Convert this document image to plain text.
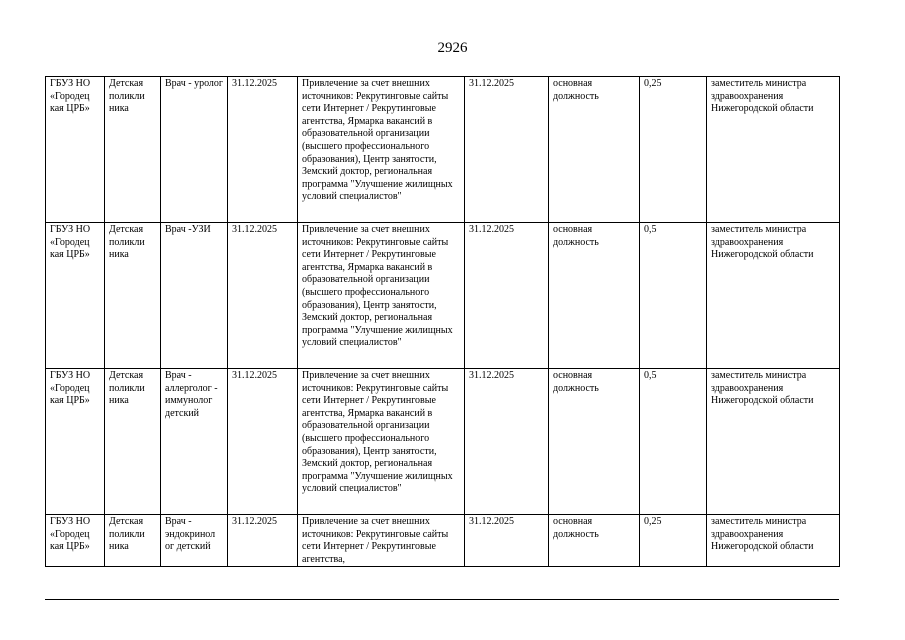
2926
ГБУЗ НО «Городец кая ЦРБ»	Детская поликли ника	Врач - уролог	31.12.2025	Привлечение за счет внешних источников: Рекрутинговые сайты сети Интернет / Рекрутинговые агентства, Ярмарка вакансий в образовательной организации (высшего профессионального образования), Центр занятости, Земский доктор, региональная программа "Улучшение жилищных условий специалистов"	31.12.2025	основная должность	0,25	заместитель министра здравоохранения Нижегородской области
ГБУЗ НО «Городец кая ЦРБ»	Детская поликли ника	Врач -УЗИ	31.12.2025	Привлечение за счет внешних источников: Рекрутинговые сайты сети Интернет / Рекрутинговые агентства, Ярмарка вакансий в образовательной организации (высшего профессионального образования), Центр занятости, Земский доктор, региональная программа "Улучшение жилищных условий специалистов"	31.12.2025	основная должность	0,5	заместитель министра здравоохранения Нижегородской области
ГБУЗ НО «Городец кая ЦРБ»	Детская поликли ника	Врач - аллерголог - иммунолог детский	31.12.2025	Привлечение за счет внешних источников: Рекрутинговые сайты сети Интернет / Рекрутинговые агентства, Ярмарка вакансий в образовательной организации (высшего профессионального образования), Центр занятости, Земский доктор, региональная программа "Улучшение жилищных условий специалистов"	31.12.2025	основная должность	0,5	заместитель министра здравоохранения Нижегородской области
ГБУЗ НО «Городец кая ЦРБ»	Детская поликли ника	Врач - эндокринол ог детский	31.12.2025	Привлечение за счет внешних источников: Рекрутинговые сайты сети Интернет / Рекрутинговые агентства,	31.12.2025	основная должность	0,25	заместитель министра здравоохранения Нижегородской области
